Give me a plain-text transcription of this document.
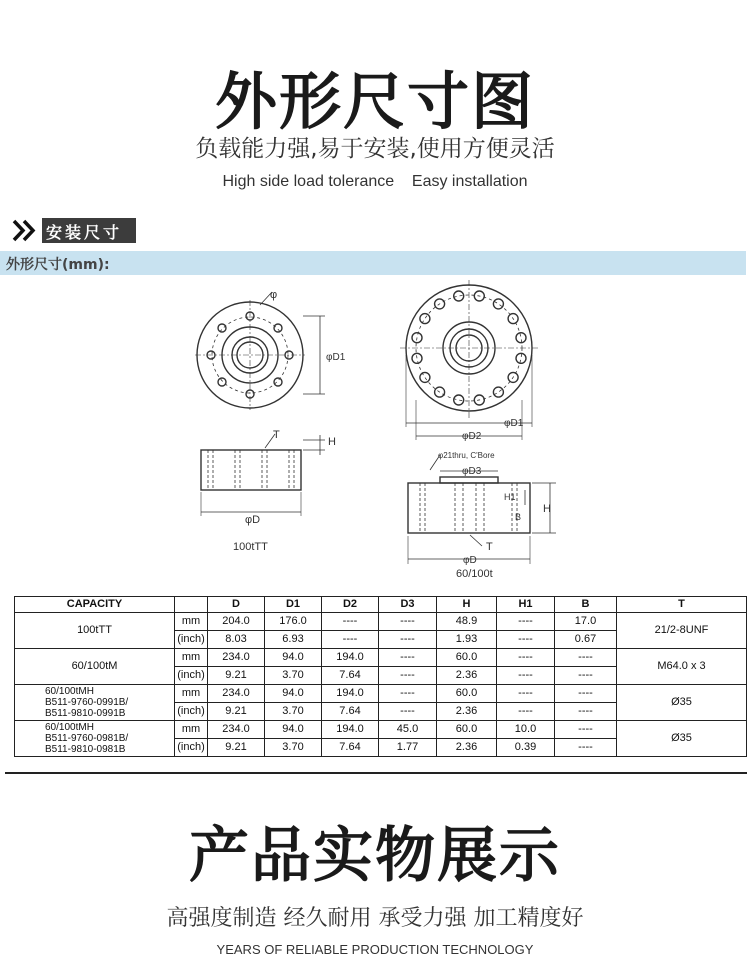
外形尺寸图
负载能力强,易于安装,使用方便灵活
High side load tolerance    Easy installation
安装尺寸
外形尺寸(mm):
φ
φD1
H
T
φD
100tTT
φD1
φD2
φ21thru, C'Bore
φD3
H1
B
H
T
φD
60/100t
CAPACITY		D	D1	D2	D3	H	H1	B	T

100tTT	mm	204.0	176.0	----	----	48.9	----	17.0	21/2-8UNF
	(inch)	8.03	6.93	----	----	1.93	----	0.67	

60/100tM	mm	234.0	94.0	194.0	----	60.0	----	----	M64.0 x 3
	(inch)	9.21	3.70	7.64	----	2.36	----	----	

60/100tMH
B511-9760-0991B/
B511-9810-0991B	mm	234.0	94.0	194.0	----	60.0	----	----	Ø35
	(inch)	9.21	3.70	7.64	----	2.36	----	----	

60/100tMH
B511-9760-0981B/
B511-9810-0981B	mm	234.0	94.0	194.0	45.0	60.0	10.0	----	Ø35
	(inch)	9.21	3.70	7.64	1.77	2.36	0.39	----	
产品实物展示
高强度制造 经久耐用 承受力强 加工精度好
YEARS OF RELIABLE PRODUCTION TECHNOLOGY
